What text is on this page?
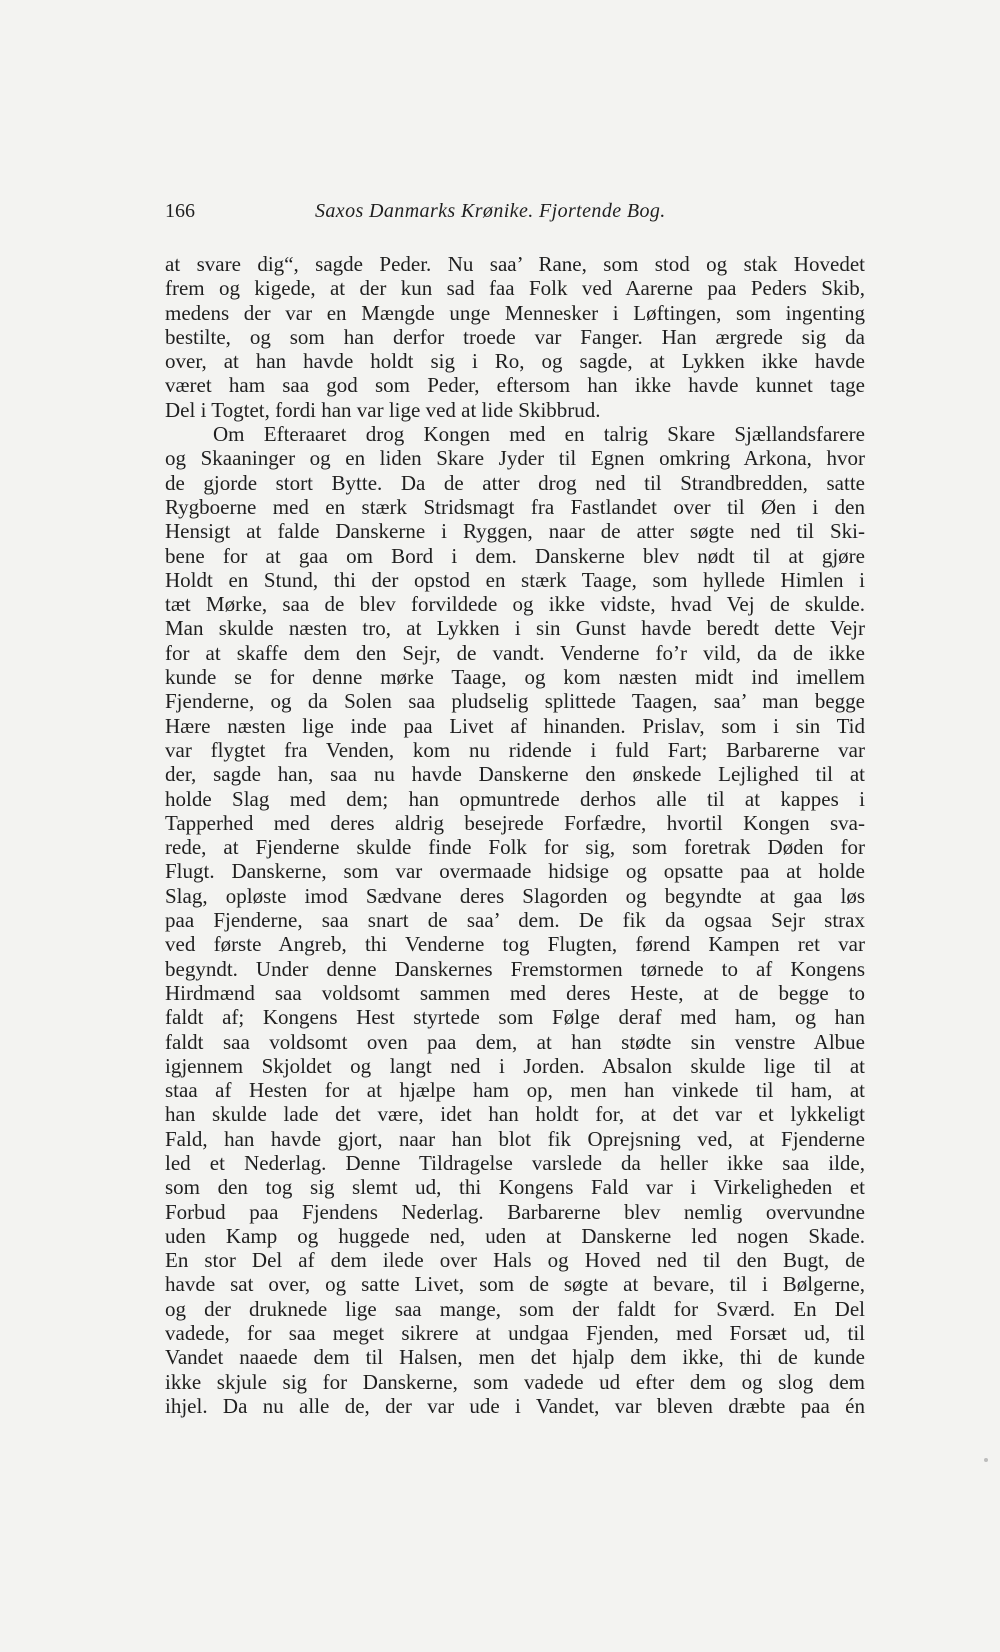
166	Saxos Danmarks Krønike. Fjortende Bog.
at svare dig“, sagde Peder. Nu saa’ Rane, som stod og stak Hovedet
frem og kigede, at der kun sad faa Folk ved Aarerne paa Peders Skib,
medens der var en Mængde unge Mennesker i Løftingen, som ingenting
bestilte, og som han derfor troede var Fanger. Han ærgrede sig da
over, at han havde holdt sig i Ro, og sagde, at Lykken ikke havde
været ham saa god som Peder, eftersom han ikke havde kunnet tage
Del i Togtet, fordi han var lige ved at lide Skibbrud.
Om Efteraaret drog Kongen med en talrig Skare Sjællandsfarere
og Skaaninger og en liden Skare Jyder til Egnen omkring Arkona, hvor
de gjorde stort Bytte. Da de atter drog ned til Strandbredden, satte
Rygboerne med en stærk Stridsmagt fra Fastlandet over til Øen i den
Hensigt at falde Danskerne i Ryggen, naar de atter søgte ned til Ski-
bene for at gaa om Bord i dem. Danskerne blev nødt til at gjøre
Holdt en Stund, thi der opstod en stærk Taage, som hyllede Himlen i
tæt Mørke, saa de blev forvildede og ikke vidste, hvad Vej de skulde.
Man skulde næsten tro, at Lykken i sin Gunst havde beredt dette Vejr
for at skaffe dem den Sejr, de vandt. Venderne fo’r vild, da de ikke
kunde se for denne mørke Taage, og kom næsten midt ind imellem
Fjenderne, og da Solen saa pludselig splittede Taagen, saa’ man begge
Hære næsten lige inde paa Livet af hinanden. Prislav, som i sin Tid
var flygtet fra Venden, kom nu ridende i fuld Fart; Barbarerne var
der, sagde han, saa nu havde Danskerne den ønskede Lejlighed til at
holde Slag med dem; han opmuntrede derhos alle til at kappes i
Tapperhed med deres aldrig besejrede Forfædre, hvortil Kongen sva-
rede, at Fjenderne skulde finde Folk for sig, som foretrak Døden for
Flugt. Danskerne, som var overmaade hidsige og opsatte paa at holde
Slag, opløste imod Sædvane deres Slagorden og begyndte at gaa løs
paa Fjenderne, saa snart de saa’ dem. De fik da ogsaa Sejr strax
ved første Angreb, thi Venderne tog Flugten, førend Kampen ret var
begyndt. Under denne Danskernes Fremstormen tørnede to af Kongens
Hirdmænd saa voldsomt sammen med deres Heste, at de begge to
faldt af; Kongens Hest styrtede som Følge deraf med ham, og han
faldt saa voldsomt oven paa dem, at han stødte sin venstre Albue
igjennem Skjoldet og langt ned i Jorden. Absalon skulde lige til at
staa af Hesten for at hjælpe ham op, men han vinkede til ham, at
han skulde lade det være, idet han holdt for, at det var et lykkeligt
Fald, han havde gjort, naar han blot fik Oprejsning ved, at Fjenderne
led et Nederlag. Denne Tildragelse varslede da heller ikke saa ilde,
som den tog sig slemt ud, thi Kongens Fald var i Virkeligheden et
Forbud paa Fjendens Nederlag. Barbarerne blev nemlig overvundne
uden Kamp og huggede ned, uden at Danskerne led nogen Skade.
En stor Del af dem ilede over Hals og Hoved ned til den Bugt, de
havde sat over, og satte Livet, som de søgte at bevare, til i Bølgerne,
og der druknede lige saa mange, som der faldt for Sværd. En Del
vadede, for saa meget sikrere at undgaa Fjenden, med Forsæt ud, til
Vandet naaede dem til Halsen, men det hjalp dem ikke, thi de kunde
ikke skjule sig for Danskerne, som vadede ud efter dem og slog dem
ihjel. Da nu alle de, der var ude i Vandet, var bleven dræbte paa én
